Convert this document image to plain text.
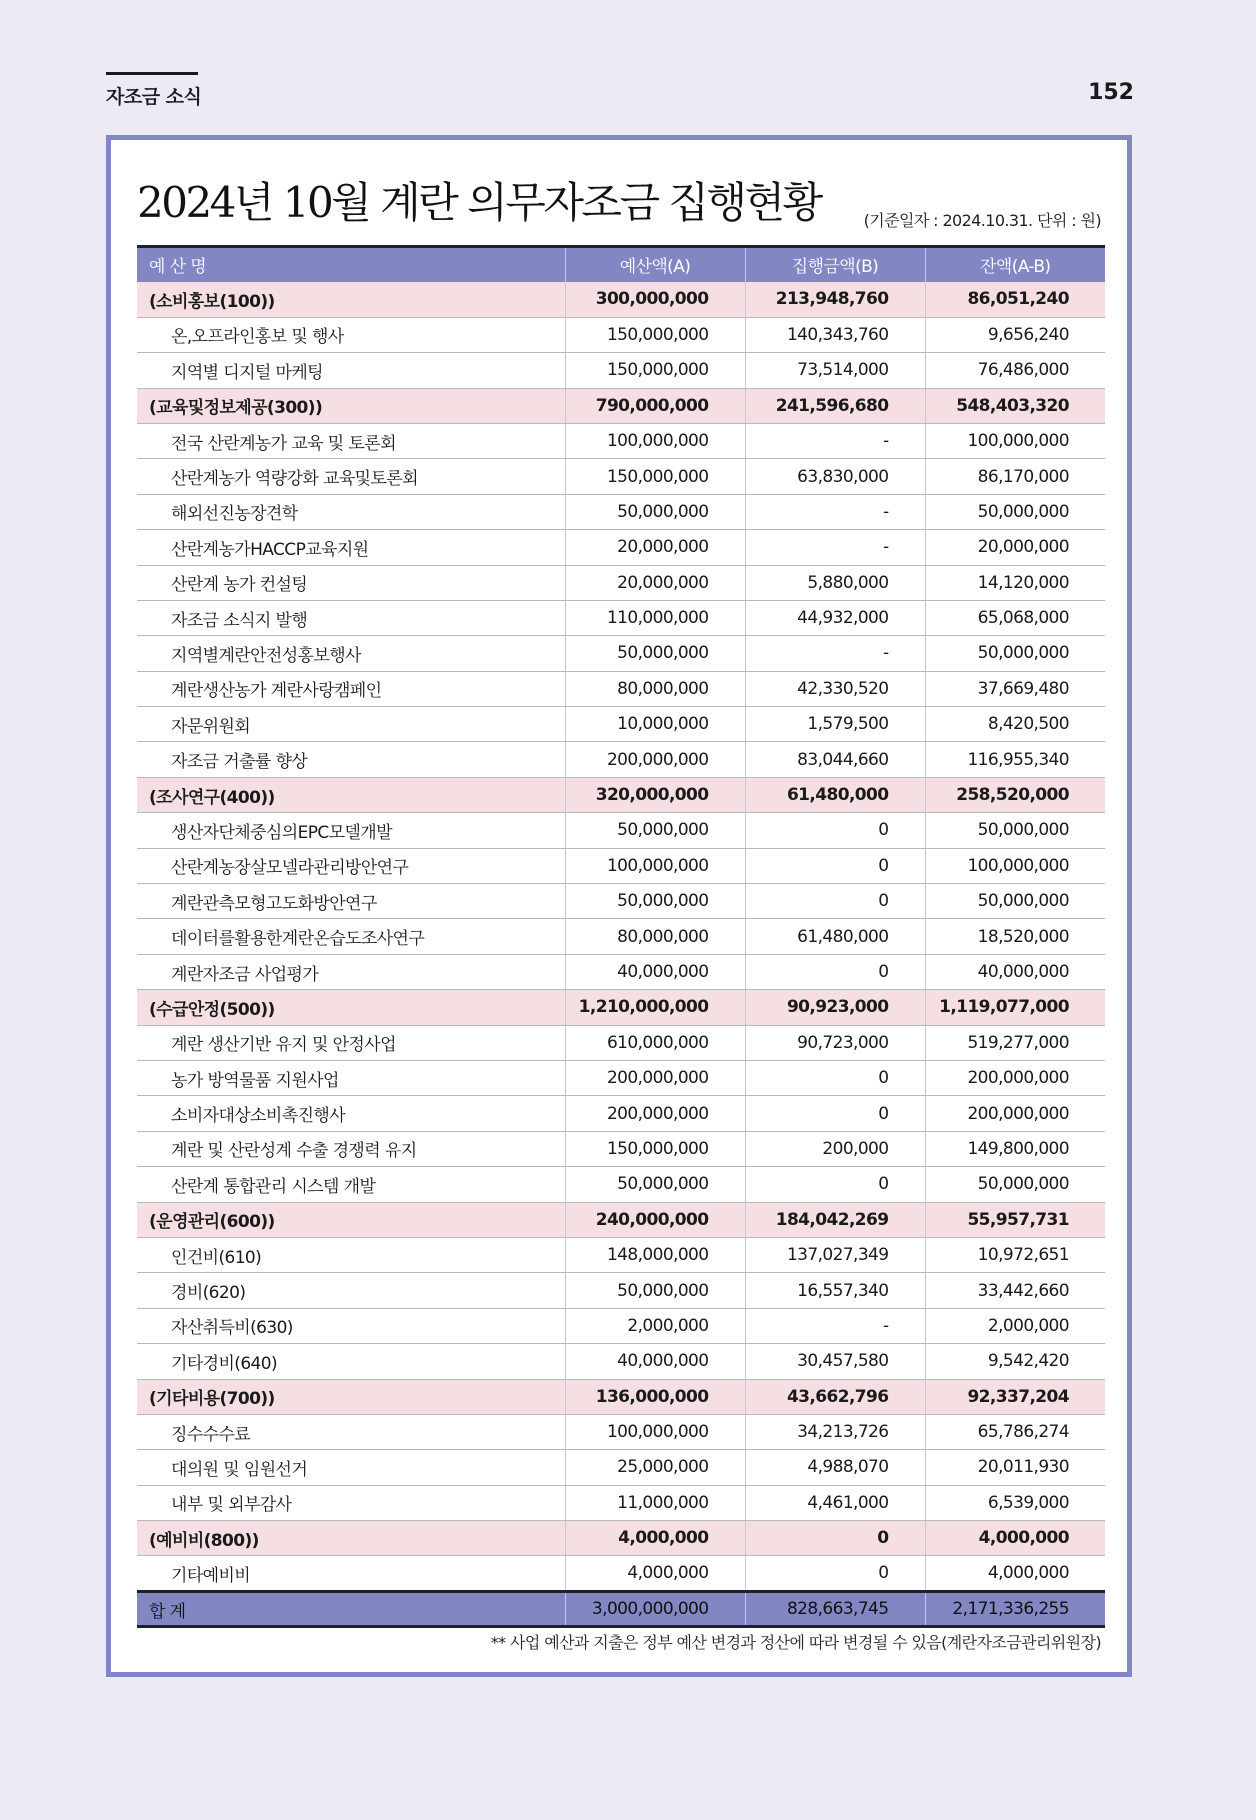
자조금 소식	152
2024년 10월 계란 의무자조금 집행현황	(기준일자 : 2024.10.31. 단위 : 원)
예 산 명	예산액(A)	집행금액(B)	잔액(A-B)
(소비홍보(100))	300,000,000	213,948,760	86,051,240
온,오프라인홍보 및 행사	150,000,000	140,343,760	9,656,240
지역별 디지털 마케팅	150,000,000	73,514,000	76,486,000
(교육및정보제공(300))	790,000,000	241,596,680	548,403,320
전국 산란계농가 교육 및 토론회	100,000,000	-	100,000,000
산란계농가 역량강화 교육및토론회	150,000,000	63,830,000	86,170,000
해외선진농장견학	50,000,000	-	50,000,000
산란계농가HACCP교육지원	20,000,000	-	20,000,000
산란계 농가 컨설팅	20,000,000	5,880,000	14,120,000
자조금 소식지 발행	110,000,000	44,932,000	65,068,000
지역별계란안전성홍보행사	50,000,000	-	50,000,000
계란생산농가 계란사랑캠페인	80,000,000	42,330,520	37,669,480
자문위원회	10,000,000	1,579,500	8,420,500
자조금 거출률 향상	200,000,000	83,044,660	116,955,340
(조사연구(400))	320,000,000	61,480,000	258,520,000
생산자단체중심의EPC모델개발	50,000,000	0	50,000,000
산란계농장살모넬라관리방안연구	100,000,000	0	100,000,000
계란관측모형고도화방안연구	50,000,000	0	50,000,000
데이터를활용한계란온습도조사연구	80,000,000	61,480,000	18,520,000
계란자조금 사업평가	40,000,000	0	40,000,000
(수급안정(500))	1,210,000,000	90,923,000	1,119,077,000
계란 생산기반 유지 및 안정사업	610,000,000	90,723,000	519,277,000
농가 방역물품 지원사업	200,000,000	0	200,000,000
소비자대상소비촉진행사	200,000,000	0	200,000,000
계란 및 산란성계 수출 경쟁력 유지	150,000,000	200,000	149,800,000
산란계 통합관리 시스템 개발	50,000,000	0	50,000,000
(운영관리(600))	240,000,000	184,042,269	55,957,731
인건비(610)	148,000,000	137,027,349	10,972,651
경비(620)	50,000,000	16,557,340	33,442,660
자산취득비(630)	2,000,000	-	2,000,000
기타경비(640)	40,000,000	30,457,580	9,542,420
(기타비용(700))	136,000,000	43,662,796	92,337,204
징수수수료	100,000,000	34,213,726	65,786,274
대의원 및 임원선거	25,000,000	4,988,070	20,011,930
내부 및 외부감사	11,000,000	4,461,000	6,539,000
(예비비(800))	4,000,000	0	4,000,000
기타예비비	4,000,000	0	4,000,000
합 계	3,000,000,000	828,663,745	2,171,336,255
** 사업 예산과 지출은 정부 예산 변경과 정산에 따라 변경될 수 있음(계란자조금관리위원장)
